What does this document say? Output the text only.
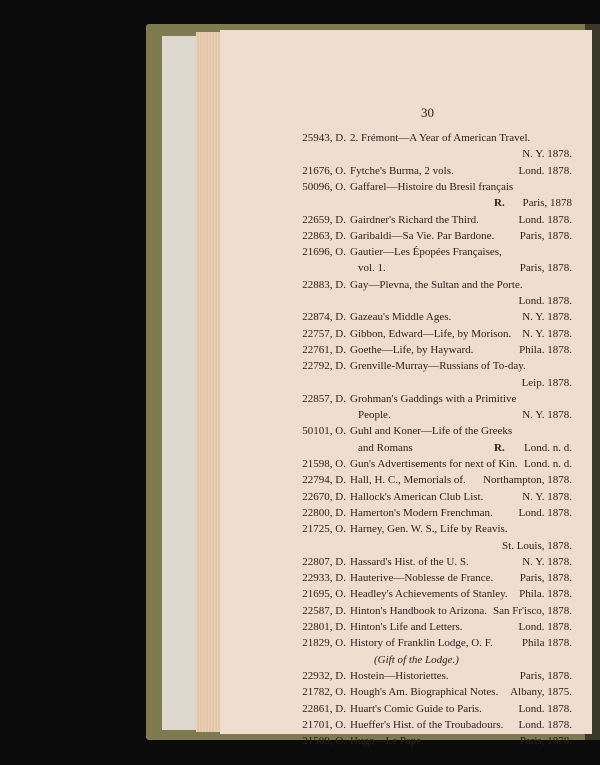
30
25943, D. 2. Frémont—A Year of American Travel.
N. Y. 1878.
21676, O. Fytche's Burma, 2 vols.	Lond. 1878.
50096, O. Gaffarel—Histoire du Bresil français
R. Paris, 1878
22659, D. Gairdner's Richard the Third.	Lond. 1878.
22863, D. Garibaldi—Sa Vie. Par Bardone. Paris, 1878.
21696, O. Gautier—Les Épopées Françaises,
vol. 1.	Paris, 1878.
22883, D. Gay—Plevna, the Sultan and the Porte.
Lond. 1878.
22874, D. Gazeau's Middle Ages.	N. Y. 1878.
22757, D. Gibbon, Edward—Life, by Morison. N. Y. 1878.
22761, D. Goethe—Life, by Hayward.	Phila. 1878.
22792, D. Grenville-Murray—Russians of To-day.
Leip. 1878.
22857, D. Grohman's Gaddings with a Primitive
People.	N. Y. 1878.
50101, O. Guhl and Koner—Life of the Greeks
and Romans	R. Lond. n. d.
21598, O. Gun's Advertisements for next of Kin. Lond. n. d.
22794, D. Hall, H. C., Memorials of. Northampton, 1878.
22670, D. Hallock's American Club List.	N. Y. 1878.
22800, D. Hamerton's Modern Frenchman. Lond. 1878.
21725, O. Harney, Gen. W. S., Life by Reavis.
St. Louis, 1878.
22807, D. Hassard's Hist. of the U. S.	N. Y. 1878.
22933, D. Hauterive—Noblesse de France. Paris, 1878.
21695, O. Headley's Achievements of Stanley. Phila. 1878.
22587, D. Hinton's Handbook to Arizona. San Fr'isco, 1878.
22801, D. Hinton's Life and Letters.	Lond. 1878.
21829, O. History of Franklin Lodge, O. F.	Phila 1878.
(Gift of the Lodge.)
22932, D. Hostein—Historiettes.	Paris, 1878.
21782, O. Hough's Am. Biographical Notes. Albany, 1875.
22861, D. Huart's Comic Guide to Paris.	Lond. 1878.
21701, O. Hueffer's Hist. of the Troubadours. Lond. 1878.
21509, O. Hugo—Le Pape.	Paris, 1878.
